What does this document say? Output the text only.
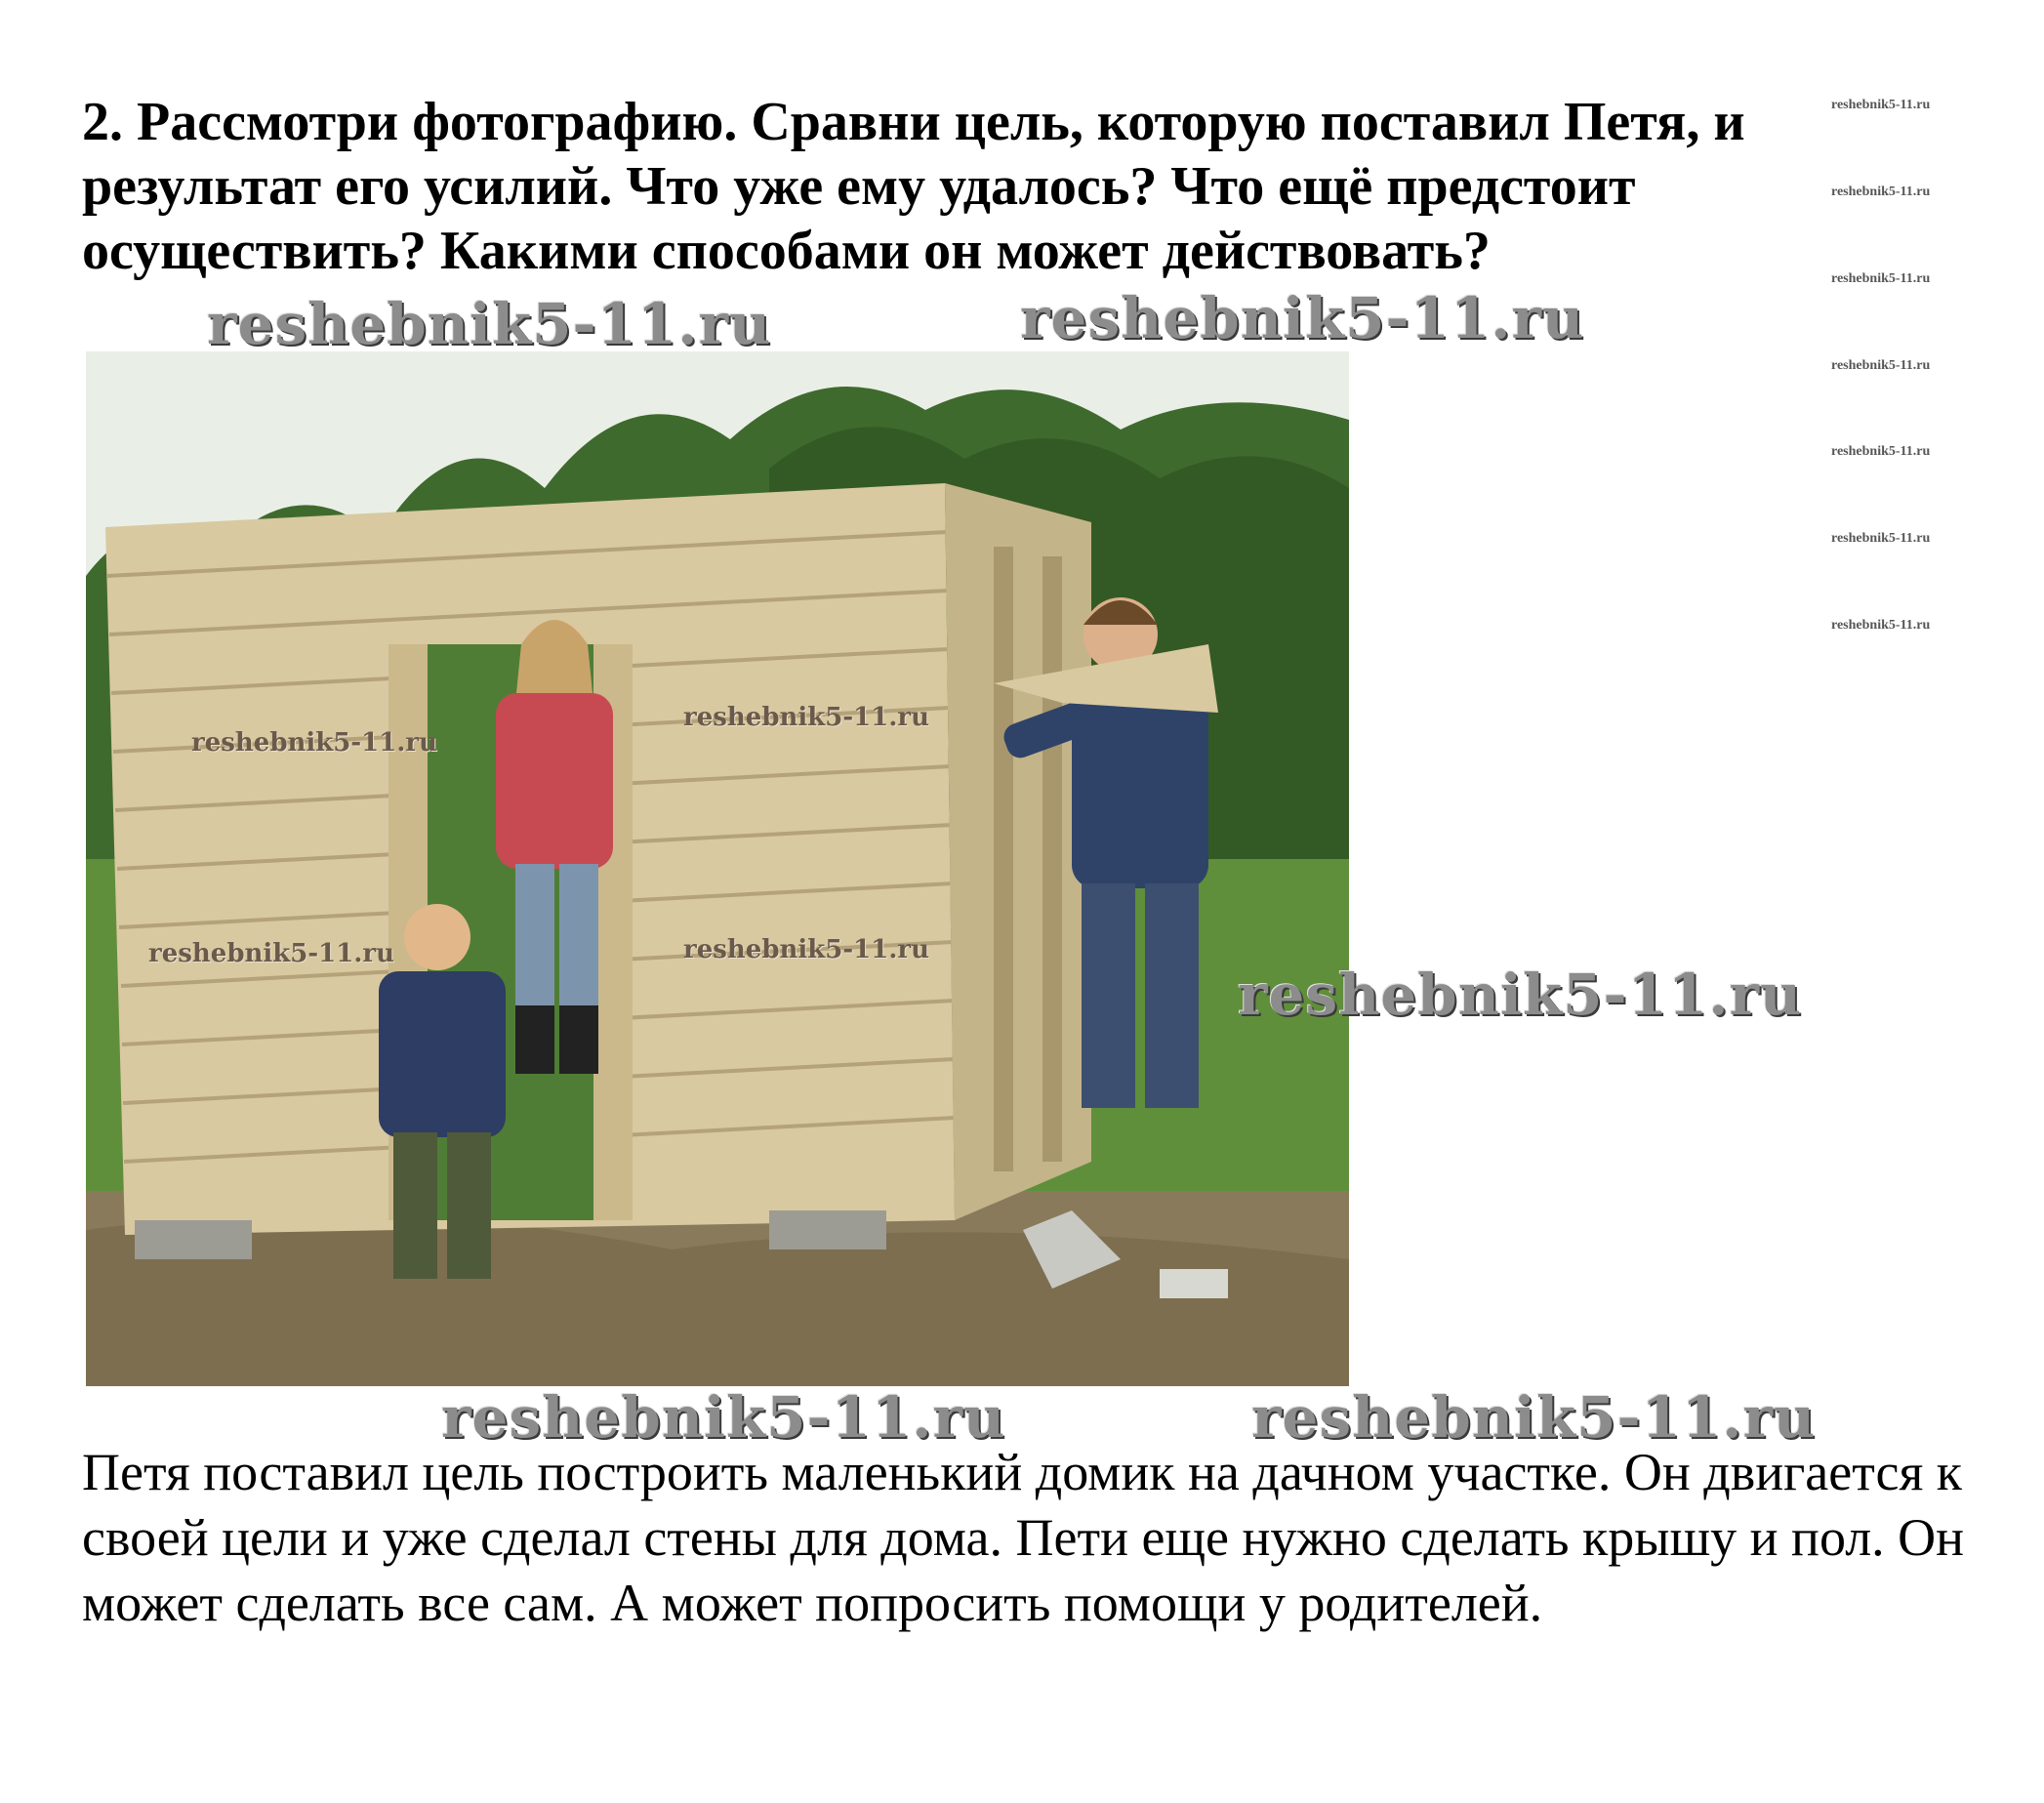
2. Рассмотри фотографию. Сравни цель, которую поставил Петя, и результат его усилий. Что уже ему удалось? Что ещё предстоит осуществить? Какими способами он может действовать?

reshebnik5-11.ru
reshebnik5-11.ru
reshebnik5-11.ru
reshebnik5-11.ru
reshebnik5-11.ru
reshebnik5-11.ru
reshebnik5-11.ru
reshebnik5-11.ru	reshebnik5-11.ru
reshebnik5-11.ru
reshebnik5-11.ru	reshebnik5-11.ru
reshebnik5-11.ru
reshebnik5-11.ru
reshebnik5-11.ru	reshebnik5-11.ru

Петя поставил цель построить маленький домик на дачном участке. Он двигается к своей цели и уже сделал стены для дома. Пети еще нужно сделать крышу и пол. Он может сделать все сам. А может попросить помощи у родителей.
